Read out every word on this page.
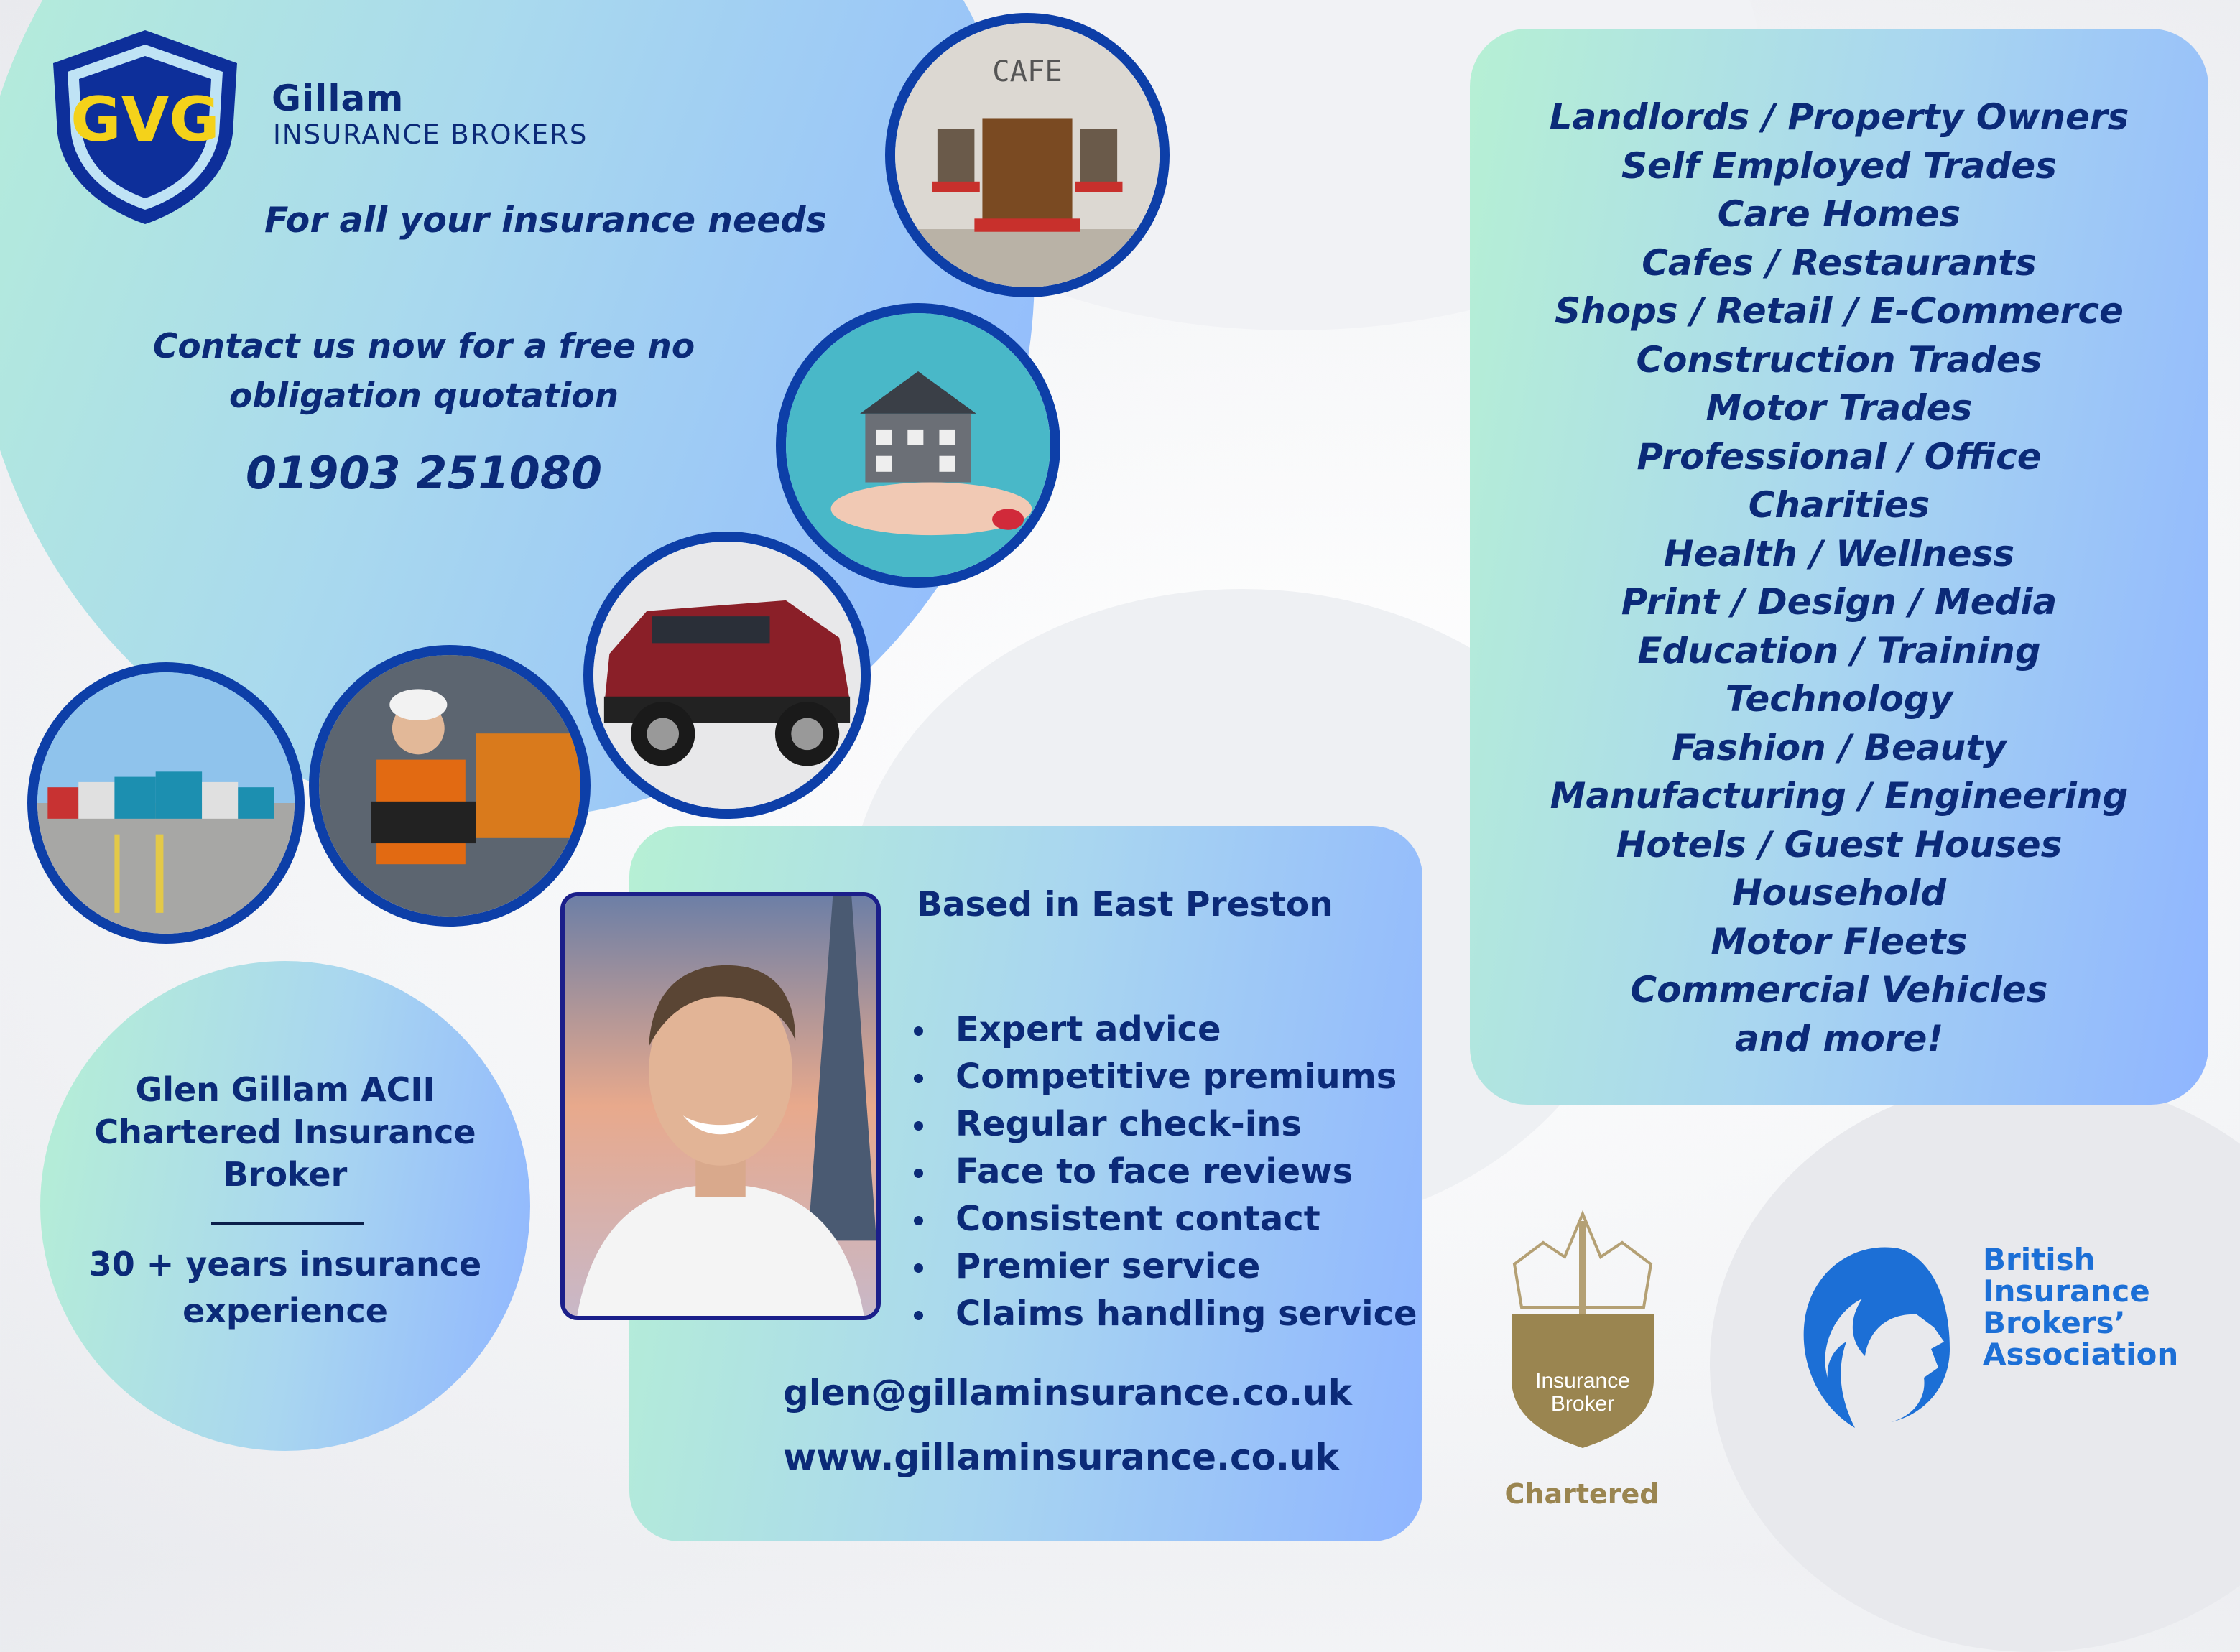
GVG Gillam
INSURANCE BROKERS
For all your insurance needs
Contact us now for a free no
obligation quotation
01903 251080
CAFE
Landlords / Property Owners
Self Employed Trades
Care Homes
Cafes / Restaurants
Shops / Retail / E-Commerce
Construction Trades
Motor Trades
Professional / Office
Charities
Health / Wellness
Print / Design / Media
Education / Training
Technology
Fashion / Beauty
Manufacturing / Engineering
Hotels / Guest Houses
Household
Motor Fleets
Commercial Vehicles
and more!
Glen Gillam ACII
Chartered Insurance
Broker
30 + years insurance
experience
Based in East Preston
Expert advice
Competitive premiums
Regular check-ins
Face to face reviews
Consistent contact
Premier service
Claims handling service
glen@gillaminsurance.co.uk
www.gillaminsurance.co.uk
Insurance
Broker
Chartered
British
Insurance
Brokers’
Association
